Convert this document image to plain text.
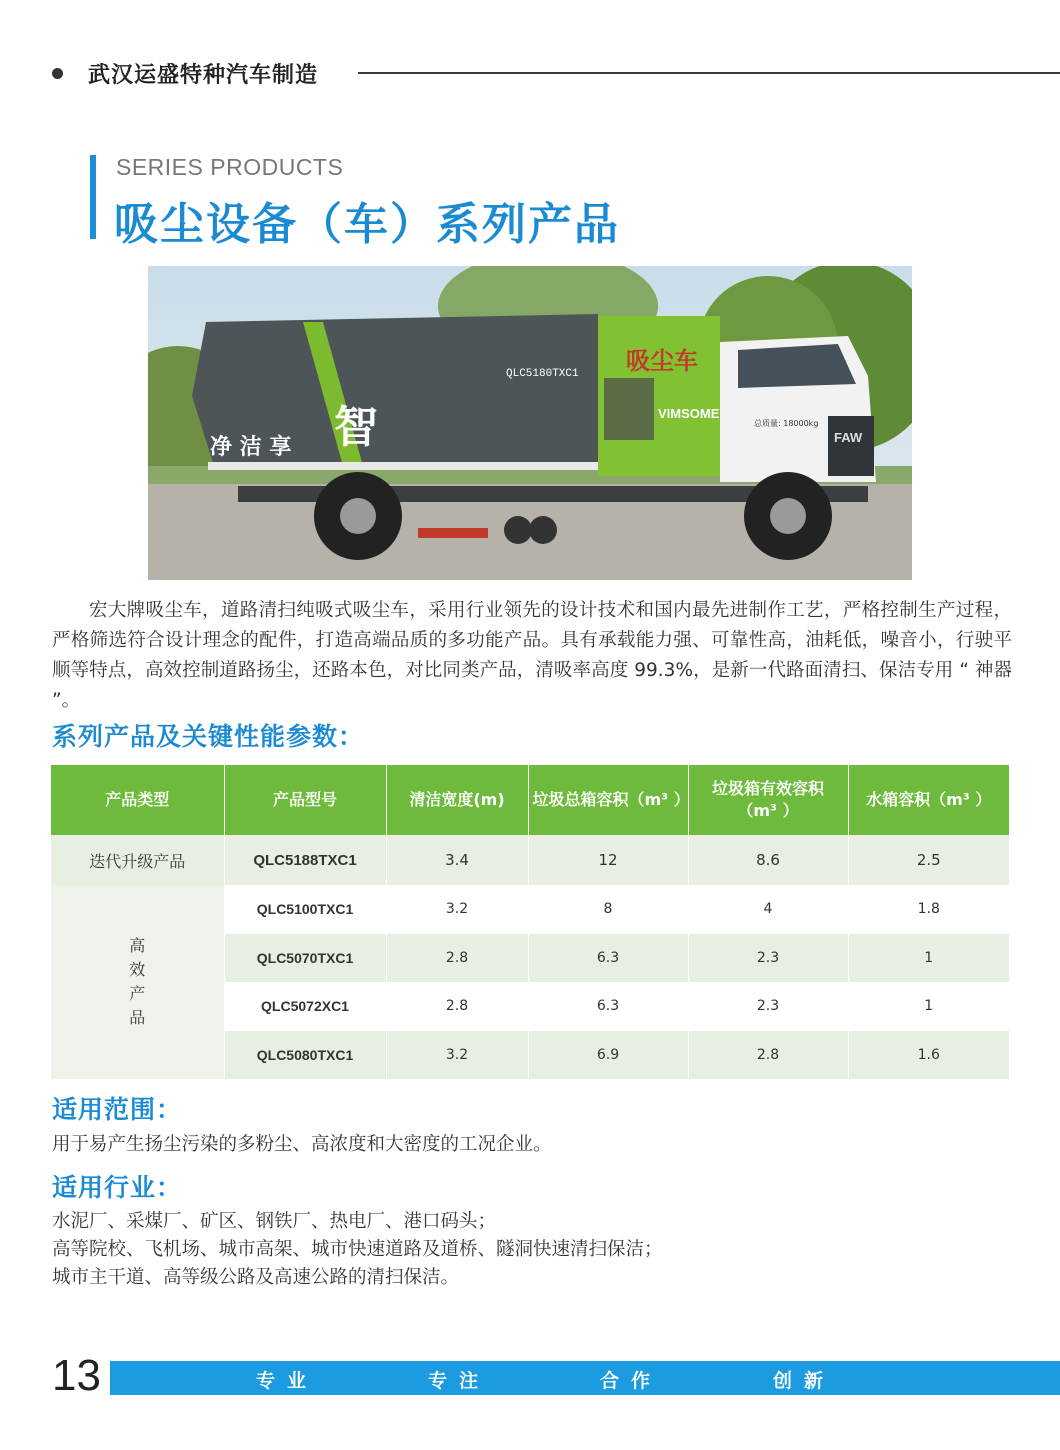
武汉运盛特种汽车制造
SERIES PRODUCTS
吸尘设备（车）系列产品
QLC5180TXC1 吸尘车
VIMSOME
净 洁 享 智	总质量: 18000kg
FAW
宏大牌吸尘车，道路清扫纯吸式吸尘车，采用行业领先的设计技术和国内最先进制作工艺，严格控制生产过程，严格筛选符合设计理念的配件，打造高端品质的多功能产品。具有承载能力强、可靠性高，油耗低，噪音小，行驶平顺等特点，高效控制道路扬尘，还路本色，对比同类产品，清吸率高度 99.3%，是新一代路面清扫、保洁专用 “ 神器 ”。
系列产品及关键性能参数：
产品类型	产品型号	清洁宽度(m)	垃圾总箱容积（m³ ）	垃圾箱有效容积（m³ ）	水箱容积（m³ ）
迭代升级产品	QLC5188TXC1	3.4	12	8.6	2.5
高效产品	QLC5100TXC1	3.2	8	4	1.8
	QLC5070TXC1	2.8	6.3	2.3	1
	QLC5072XC1	2.8	6.3	2.3	1
	QLC5080TXC1	3.2	6.9	2.8	1.6
适用范围：
用于易产生扬尘污染的多粉尘、高浓度和大密度的工况企业。
适用行业：
水泥厂、采煤厂、矿区、钢铁厂、热电厂、港口码头；
高等院校、飞机场、城市高架、城市快速道路及道桥、隧洞快速清扫保洁；
城市主干道、高等级公路及高速公路的清扫保洁。
13	专业	专注	合作	创新
